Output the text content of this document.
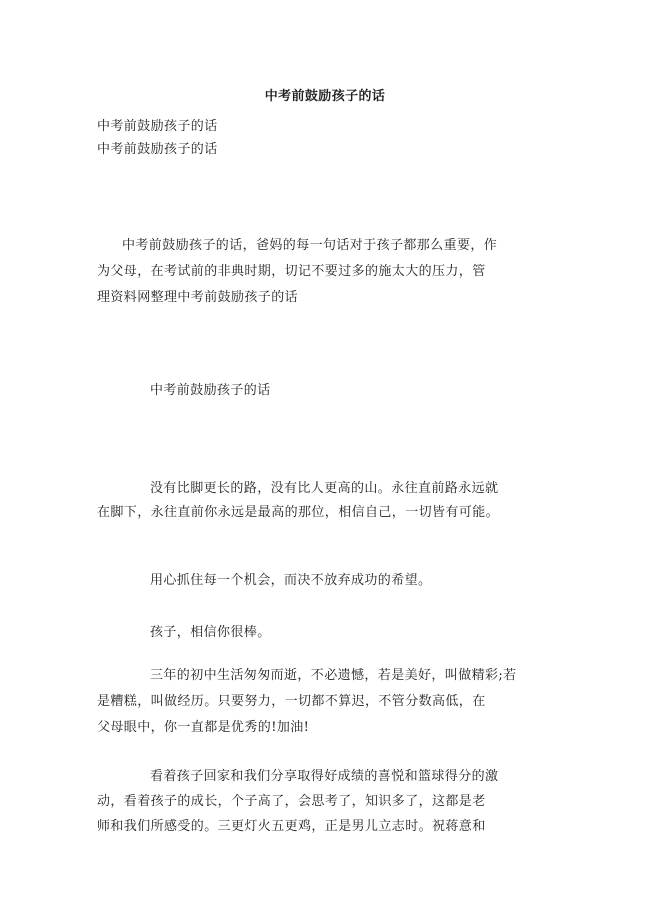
中考前鼓励孩子的话

中考前鼓励孩子的话

中考前鼓励孩子的话

中考前鼓励孩子的话，爸妈的每一句话对于孩子都那么重要，作

为父母，在考试前的非典时期，切记不要过多的施太大的压力，管

理资料网整理中考前鼓励孩子的话

中考前鼓励孩子的话

没有比脚更长的路，没有比人更高的山。永往直前路永远就

在脚下，永往直前你永远是最高的那位，相信自己，一切皆有可能。

用心抓住每一个机会，而决不放弃成功的希望。

孩子，相信你很棒。

三年的初中生活匆匆而逝，不必遗憾，若是美好，叫做精彩;若

是糟糕，叫做经历。只要努力，一切都不算迟，不管分数高低，在

父母眼中，你一直都是优秀的!加油!

看着孩子回家和我们分享取得好成绩的喜悦和篮球得分的激

动，看着孩子的成长，个子高了，会思考了，知识多了，这都是老

师和我们所感受的。三更灯火五更鸡，正是男儿立志时。祝蒋意和
